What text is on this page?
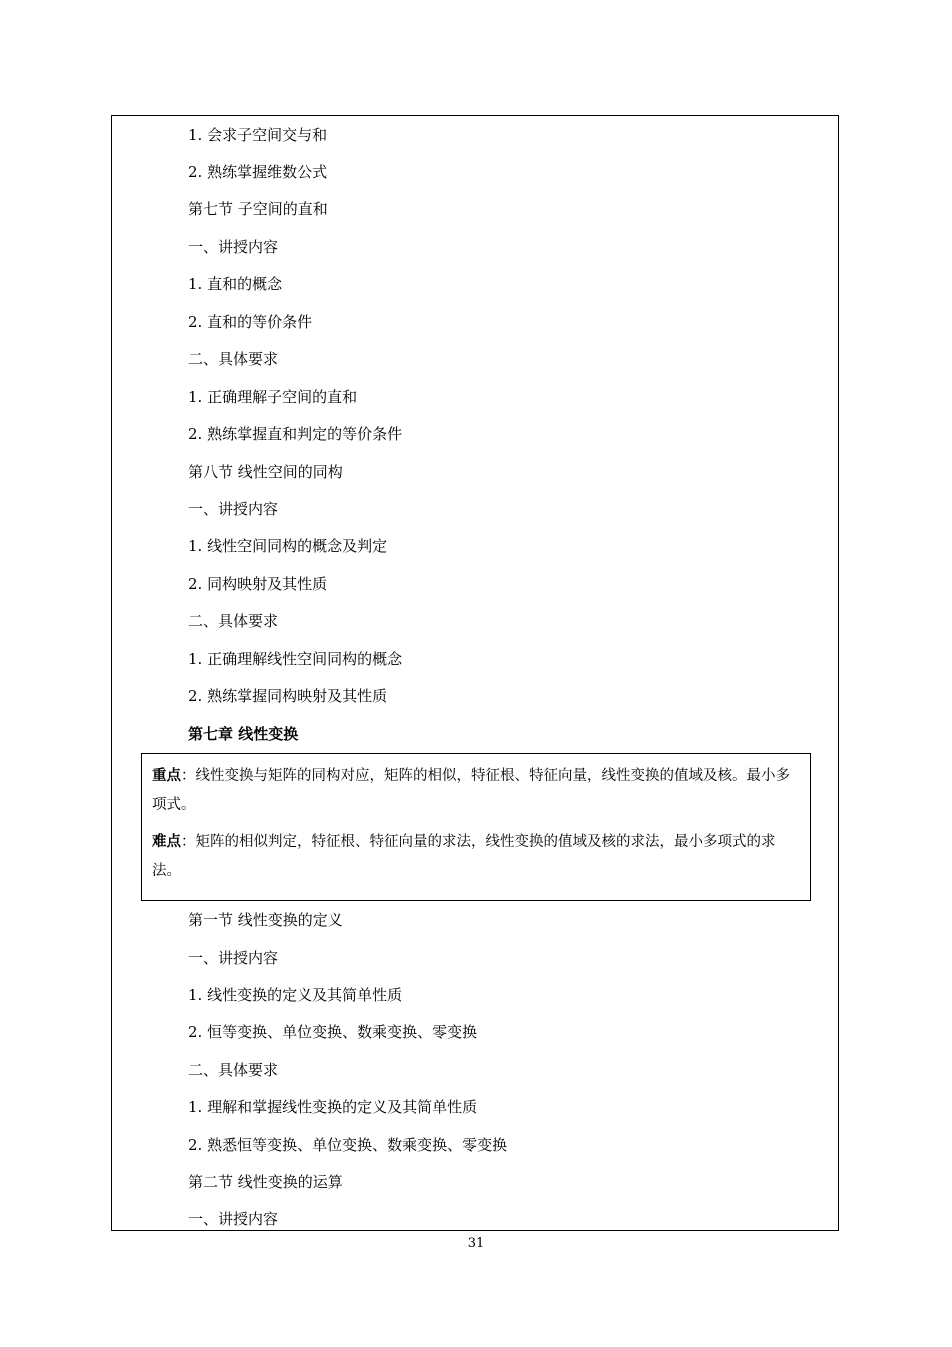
1. 会求子空间交与和
2. 熟练掌握维数公式
第七节 子空间的直和
一、讲授内容
1. 直和的概念
2. 直和的等价条件
二、具体要求
1. 正确理解子空间的直和
2. 熟练掌握直和判定的等价条件
第八节 线性空间的同构
一、讲授内容
1. 线性空间同构的概念及判定
2. 同构映射及其性质
二、具体要求
1. 正确理解线性空间同构的概念
2. 熟练掌握同构映射及其性质
第七章 线性变换

重点：线性变换与矩阵的同构对应，矩阵的相似，特征根、特征向量，线性变换的值域及核。最小多项式。

难点：矩阵的相似判定，特征根、特征向量的求法，线性变换的值域及核的求法，最小多项式的求法。

第一节 线性变换的定义
一、讲授内容
1. 线性变换的定义及其简单性质
2. 恒等变换、单位变换、数乘变换、零变换
二、具体要求
1. 理解和掌握线性变换的定义及其简单性质
2. 熟悉恒等变换、单位变换、数乘变换、零变换
第二节 线性变换的运算
一、讲授内容
31
